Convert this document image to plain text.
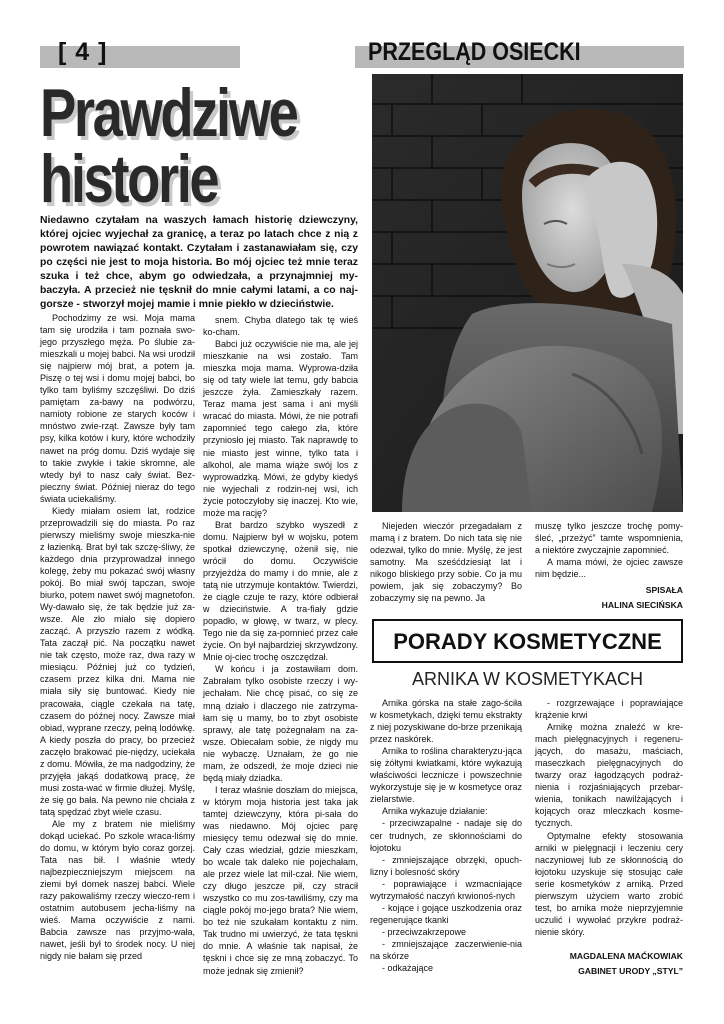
[ 4 ]	PRZEGLĄD OSIECKI
Prawdziwe
historie
Niedawno czytałam na waszych łamach historię dziewczyny, której ojciec wyjechał za granicę, a teraz po latach chce z nią z powrotem nawiązać kontakt. Czytałam i zastanawiałam się, czy po części nie jest to moja historia. Bo mój ojciec też mnie teraz szuka i też chce, abym go odwiedzała, a przynajmniej my-baczyła. A przecież nie tęsknił do mnie całymi latami, a co naj-gorsze - stworzył mojej mamie i mnie piekło w dzieciństwie.

Pochodzimy ze wsi. Moja mama tam się urodziła i tam poznała swo-jego przyszłego męża. Po ślubie za-mieszkali u mojej babci. Na wsi urodził się najpierw mój brat, a potem ja. Piszę o tej wsi i domu mojej babci, bo tylko tam byliśmy szczęśliwi. Do dziś pamiętam za-bawy na podwórzu, namioty robione ze starych koców i mnóstwo zwie-rząt. Zawsze były tam psy, kilka kotów i kury, które wchodziły nawet na próg domu. Dziś wydaje się to takie zwykłe i takie skromne, ale wtedy był to nasz cały świat. Bez-pieczny świat. Później nieraz do tego świata uciekaliśmy.

Kiedy miałam osiem lat, rodzice przeprowadzili się do miasta. Po raz pierwszy mieliśmy swoje mieszka-nie z łazienką. Brat był tak szczę-śliwy, że każdego dnia przyprowadzał innego kolegę, żeby mu pokazać swój własny pokój. Bo miał swój tapczan, swoje biurko, potem nawet swój magnetofon. Wy-dawało się, że tak będzie już za-wsze. Ale zło miało się dopiero zacząć. A przyszło razem z wódką. Tata zaczął pić. Na początku nawet nie tak często, może raz, dwa razy w miesiącu. Później już co tydzień, czasem przez kilka dni. Mama nie miała siły się buntować. Kiedy nie pracowała, ciągle czekała na tatę, czasem do późnej nocy. Zawsze miał obiad, wyprane rzeczy, pełną lodówkę. A kiedy poszła do pracy, bo przecież zaczęło brakować pie-niędzy, uciekała z domu. Mówiła, że ma nadgodziny, że przyjęła jakąś dodatkową pracę, że musi zosta-wać w firmie dłużej. Myślę, że się go bała. Na pewno nie chciała z tatą spędzać zbyt wiele czasu.

Ale my z bratem nie mieliśmy dokąd uciekać. Po szkole wraca-liśmy do domu, w którym było coraz gorzej. Tata nas bił. I właśnie wtedy najbezpieczniejszym miejscem na ziemi był domek naszej babci. Wiele razy pakowaliśmy rzeczy wieczo-rem i ostatnim autobusem jecha-liśmy na wieś. Mama oczywiście z nami. Babcia zawsze nas przyjmo-wała, nawet, jeśli był to środek nocy. U niej nigdy nie bałam się przed

snem. Chyba dlatego tak tę wieś ko-cham.

Babci już oczywiście nie ma, ale jej mieszkanie na wsi zostało. Tam mieszka moja mama. Wyprowa-dziła się od taty wiele lat temu, gdy babcia jeszcze żyła. Zamieszkały razem. Teraz mama jest sama i ani myśli wracać do miasta. Mówi, że nie potrafi zapomnieć tego całego zła, które przyniosło jej miasto. Tak naprawdę to nie miasto jest winne, tylko tata i alkohol, ale mama wiąże swój los z wyprowadzką. Mówi, że gdyby kiedyś nie wyjechali z rodzin-nej wsi, ich życie potoczyłoby się inaczej. Kto wie, może ma rację?

Brat bardzo szybko wyszedł z domu. Najpierw był w wojsku, potem spotkał dziewczynę, ożenił się, nie wrócił do domu. Oczywiście przyjeżdża do mamy i do mnie, ale z tatą nie utrzymuje kontaktów. Twierdzi, że ciągle czuje te razy, które odbierał w dzieciństwie. A tra-fiały gdzie popadło, w głowę, w twarz, w plecy. Tego nie da się za-pomnieć przez całe życie. On był najbardziej skrzywdzony. Mnie oj-ciec trochę oszczędzał.

W końcu i ja zostawiłam dom. Zabrałam tylko osobiste rzeczy i wy-jechałam. Nie chcę pisać, co się ze mną działo i dlaczego nie zatrzyma-łam się u mamy, bo to zbyt osobiste sprawy, ale tatę pożegnałam na za-wsze. Obiecałam sobie, że nigdy mu nie wybaczę. Uznałam, że go nie mam, że odszedł, że moje dzieci nie będą miały dziadka.

I teraz właśnie doszłam do miejsca, w którym moja historia jest taka jak tamtej dziewczyny, która pi-sała do was niedawno. Mój ojciec parę miesięcy temu odezwał się do mnie. Cały czas wiedział, gdzie mieszkam, bo wcale tak daleko nie pojechałam, ale przez wiele lat mil-czał. Nie wiem, czy długo jeszcze pił, czy stracił wszystko co mu zos-tawiliśmy, czy ma ciągle pokój mo-jego brata? Nie wiem, bo też nie szukałam kontaktu z nim. Tak trudno mi uwierzyć, że tata tęskni do mnie. A właśnie tak napisał, że tęskni i chce się ze mną zobaczyć. To może jednak się zmienił?

Niejeden wieczór przegadałam z mamą i z bratem. Do nich tata się nie odezwał, tylko do mnie. Myślę, że jest samotny. Ma sześćdziesiąt lat i nikogo bliskiego przy sobie. Co ja mu powiem, jak się zobaczymy? Bo zobaczymy się na pewno. Ja

muszę tylko jeszcze trochę pomy-śleć, „przeżyć” tamte wspomnienia, a niektóre zwyczajnie zapomnieć.

A mama mówi, że ojciec zawsze nim będzie...

SPISAŁA

HALINA SIECIŃSKA

PORADY KOSMETYCZNE
ARNIKA W KOSMETYKACH

Arnika górska na stałe zago-ściła w kosmetykach, dzięki temu ekstrakty z niej pozyskiwane do-brze przenikają przez naskórek.

Arnika to roślina charakteryzu-jąca się żółtymi kwiatkami, które wykazują właściwości lecznicze i powszechnie wykorzystuje się je w kosmetyce oraz zielarstwie.

Arnika wykazuje działanie:

- przeciwzapalne - nadaje się do cer trudnych, ze skłonnościami do łojotoku

- zmniejszające obrzęki, opuch-lizny i bolesność skóry

- poprawiające i wzmacniające wytrzymałość naczyń krwionoś-nych

- kojące i gojące uszkodzenia oraz regenerujące tkanki

- przeciwzakrzepowe

- zmniejszające zaczerwienie-nia na skórze

- odkażające

- rozgrzewające i poprawiające krążenie krwi

Arnikę można znaleźć w kre-mach pielęgnacyjnych i regeneru-jących, do masażu, maściach, maseczkach pielęgnacyjnych do twarzy oraz łagodzących podraż-nienia i rozjaśniających przebar-wienia, tonikach nawilżających i kojących oraz mleczkach kosme-tycznych.

Optymalne efekty stosowania arniki w pielęgnacji i leczeniu cery naczyniowej lub ze skłonnością do łojotoku uzyskuje się stosując całe serie kosmetyków z arniką. Przed pierwszym użyciem warto zrobić test, bo arnika może nieprzyjemnie uczulić i wywołać przykre podraż-nienie skóry.

MAGDALENA MAĆKOWIAK

GABINET URODY „STYL”
